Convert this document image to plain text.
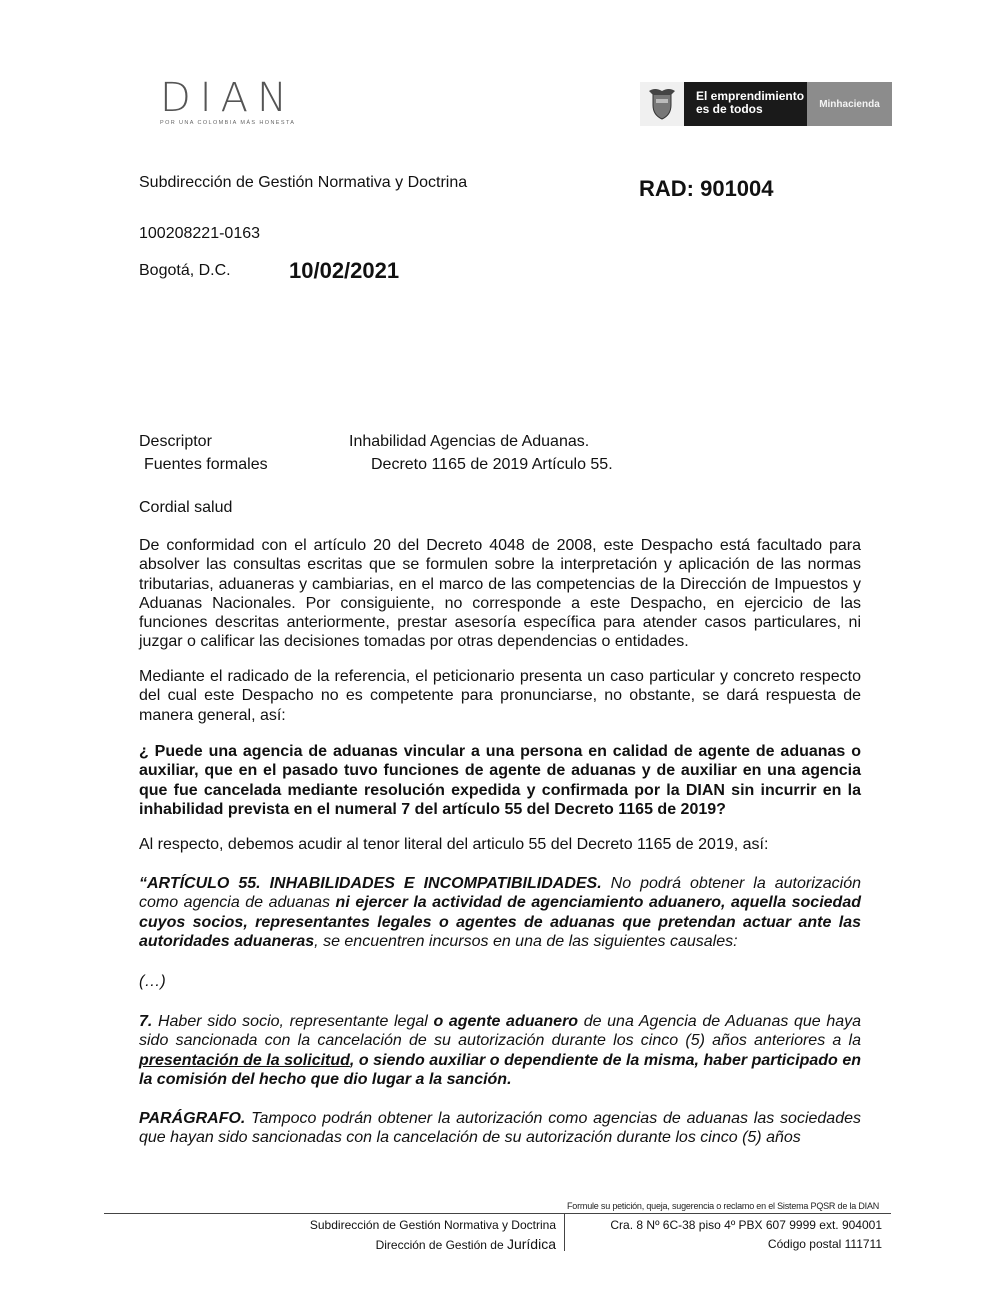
DIAN
POR UNA COLOMBIA MÁS HONESTA
El emprendimiento
es de todos	Minhacienda
Subdirección de Gestión Normativa y Doctrina	RAD: 901004
100208221-0163
Bogotá, D.C.	10/02/2021
Descriptor	Inhabilidad Agencias de Aduanas.
Fuentes formales	Decreto 1165 de 2019 Artículo 55.
Cordial salud

De conformidad con el artículo 20 del Decreto 4048 de 2008, este Despacho está facultado para absolver las consultas escritas que se formulen sobre la interpretación y aplicación de las normas tributarias, aduaneras y cambiarias, en el marco de las competencias de la Dirección de Impuestos y Aduanas Nacionales. Por consiguiente, no corresponde a este Despacho, en ejercicio de las funciones descritas anteriormente, prestar asesoría específica para atender casos particulares, ni juzgar o calificar las decisiones tomadas por otras dependencias o entidades.

Mediante el radicado de la referencia, el peticionario presenta un caso particular y concreto respecto del cual este Despacho no es competente para pronunciarse, no obstante, se dará respuesta de manera general, así:

¿ Puede una agencia de aduanas vincular a una persona en calidad de agente de aduanas o auxiliar, que en el pasado tuvo funciones de agente de aduanas y de auxiliar en una agencia que fue cancelada mediante resolución expedida y confirmada por la DIAN sin incurrir en la inhabilidad prevista en el numeral 7 del artículo 55 del Decreto 1165 de 2019?

Al respecto, debemos acudir al tenor literal del articulo 55 del Decreto 1165 de 2019, así:

“ARTÍCULO 55. INHABILIDADES E INCOMPATIBILIDADES. No podrá obtener la autorización como agencia de aduanas ni ejercer la actividad de agenciamiento aduanero, aquella sociedad cuyos socios, representantes legales o agentes de aduanas que pretendan actuar ante las autoridades aduaneras, se encuentren incursos en una de las siguientes causales:

(…)

7. Haber sido socio, representante legal o agente aduanero de una Agencia de Aduanas que haya sido sancionada con la cancelación de su autorización durante los cinco (5) años anteriores a la presentación de la solicitud, o siendo auxiliar o dependiente de la misma, haber participado en la comisión del hecho que dio lugar a la sanción.

PARÁGRAFO. Tampoco podrán obtener la autorización como agencias de aduanas las sociedades que hayan sido sancionadas con la cancelación de su autorización durante los cinco (5) años

Formule su petición, queja, sugerencia o reclamo en el Sistema PQSR de la DIAN
Subdirección de Gestión Normativa y Doctrina
Dirección de Gestión de Jurídica
Cra. 8 Nº 6C-38 piso 4º PBX 607 9999 ext. 904001
Código postal 111711
